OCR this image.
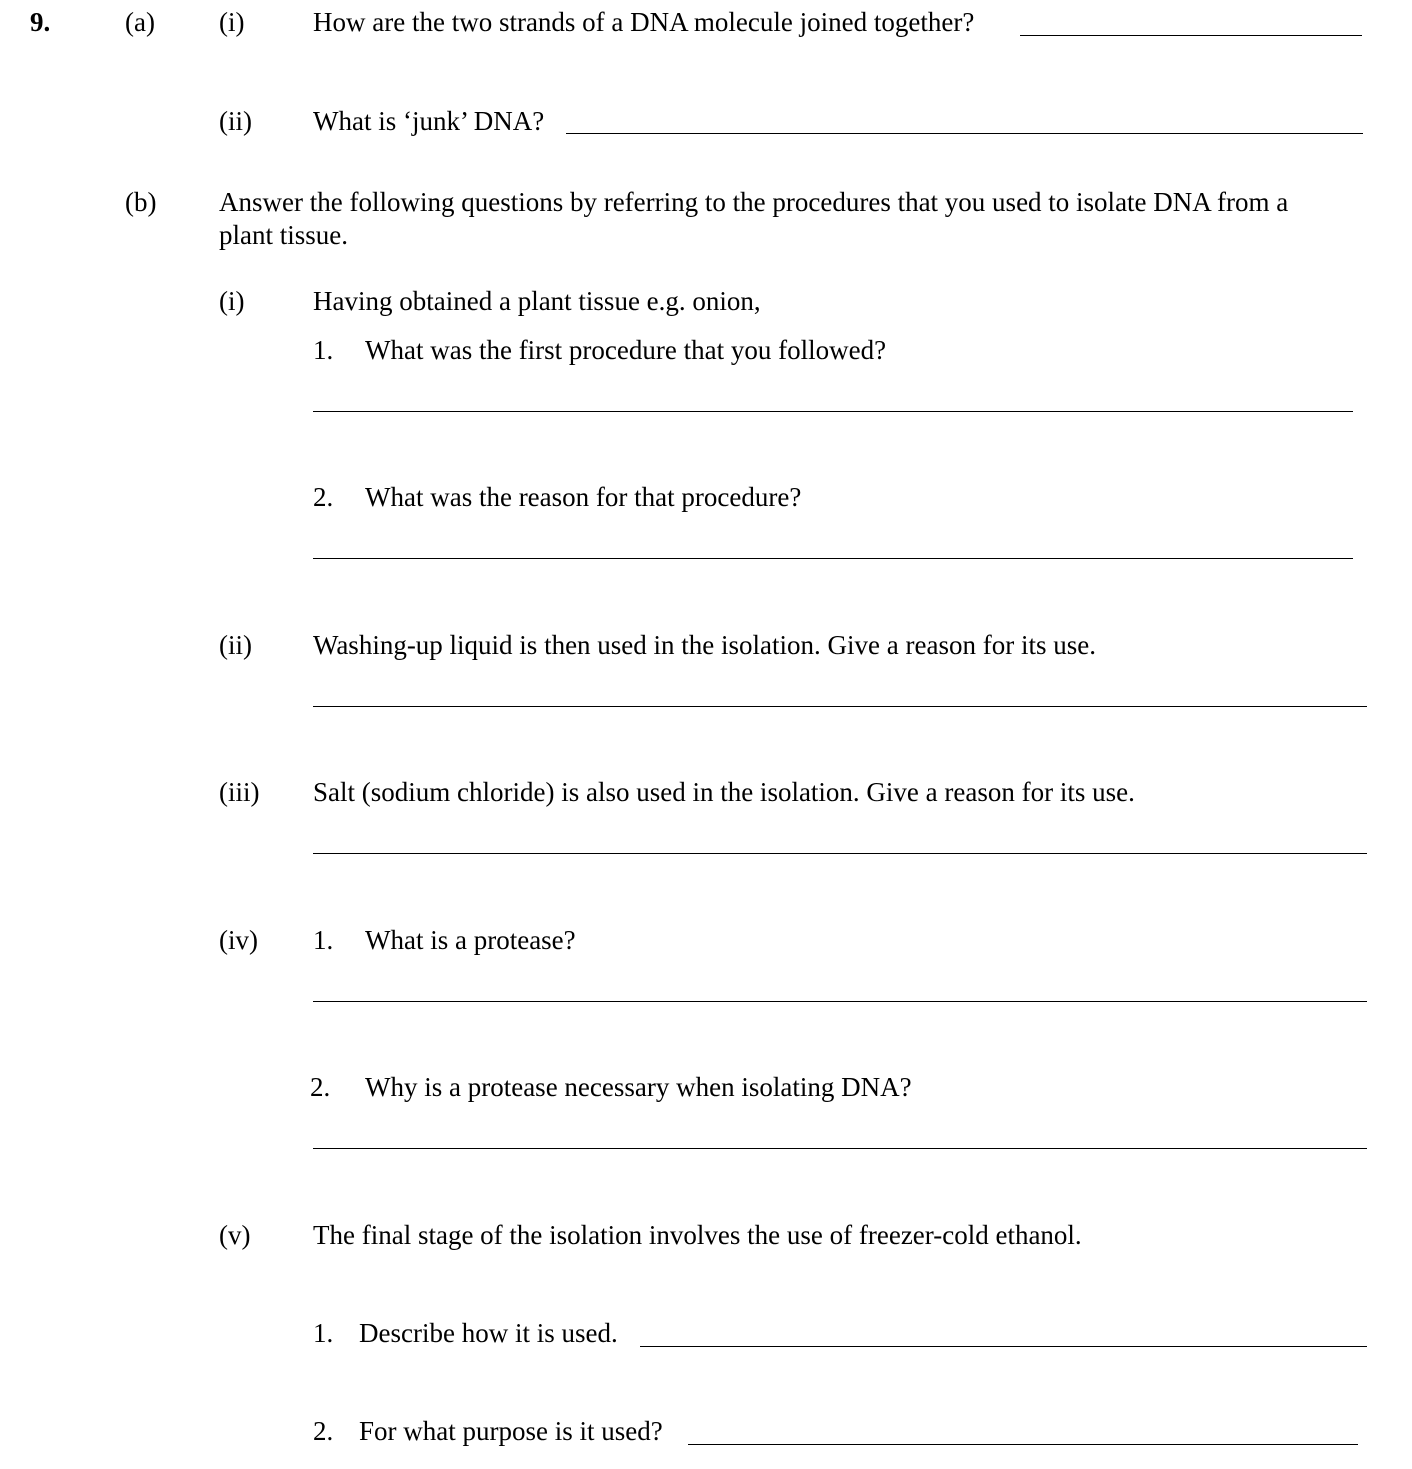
9.	(a) (i)	How are the two strands of a DNA molecule joined together?
(ii) What is ‘junk’ DNA?
(b) Answer the following questions by referring to the procedures that you used to isolate DNA from a
plant tissue.
(i)	Having obtained a plant tissue e.g. onion,
1. What was the first procedure that you followed?
2. What was the reason for that procedure?
(ii) Washing-up liquid is then used in the isolation. Give a reason for its use.
(iii) Salt (sodium chloride) is also used in the isolation. Give a reason for its use.
(iv) 1. What is a protease?
2. Why is a protease necessary when isolating DNA?
(v) The final stage of the isolation involves the use of freezer-cold ethanol.
1. Describe how it is used.
2. For what purpose is it used?
